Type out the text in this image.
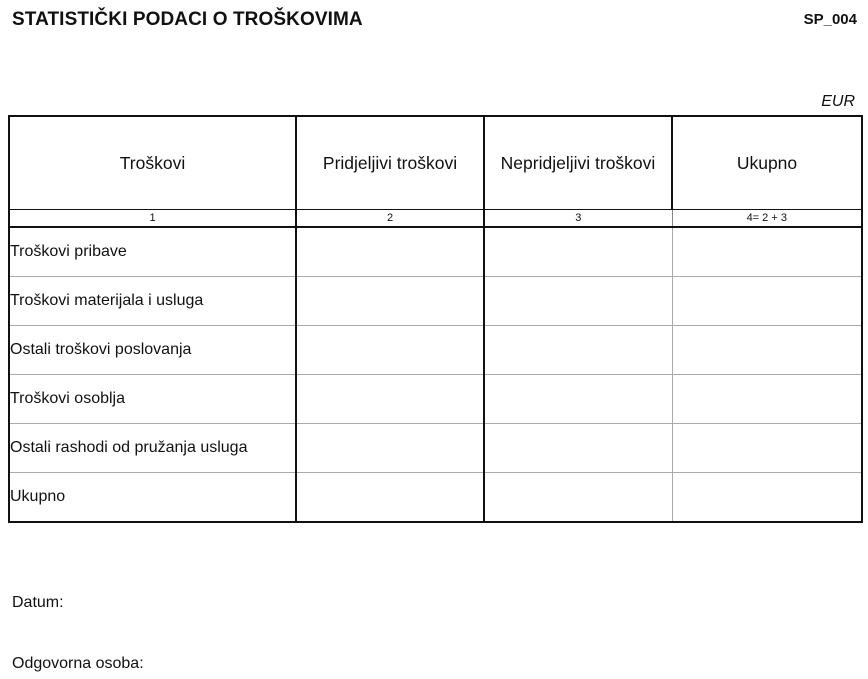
STATISTIČKI PODACI O TROŠKOVIMA	SP_004
EUR
Troškovi	Pridjeljivi troškovi	Nepridjeljivi troškovi	Ukupno
1	2	3	4= 2 + 3
Troškovi pribave			
Troškovi materijala i usluga			
Ostali troškovi poslovanja			
Troškovi osoblja			
Ostali rashodi od pružanja usluga			
Ukupno			
Datum:
Odgovorna osoba:
